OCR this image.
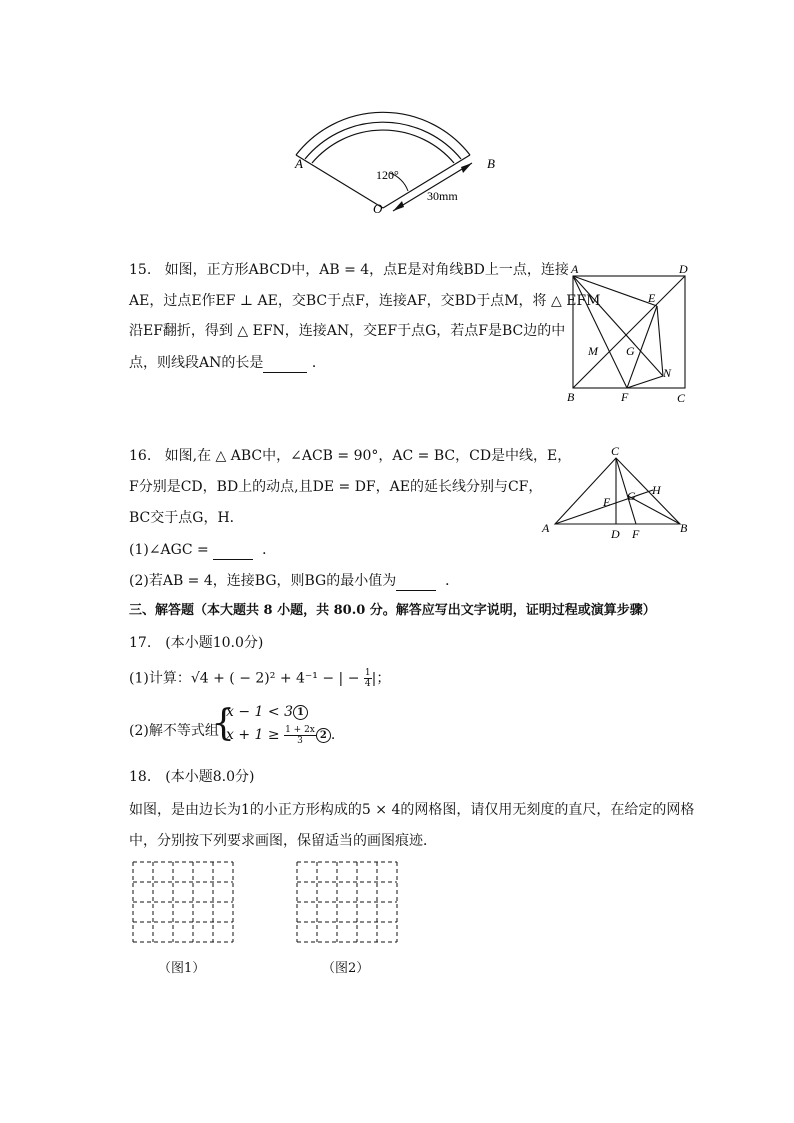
A	B
O
120°
30mm
15. 如图，正方形ABCD中，AB = 4，点E是对角线BD上一点，连接
AE，过点E作EF ⊥ AE，交BC于点F，连接AF，交BD于点M，将 △ EFM
沿EF翻折，得到 △ EFN，连接AN，交EF于点G，若点F是BC边的中
点，则线段AN的长是	．
A	D
E
M G
N
B	F	C
16. 如图,在 △ ABC中，∠ACB = 90°，AC = BC，CD是中线，E，
F分别是CD，BD上的动点,且DE = DF，AE的延长线分别与CF，
BC交于点G，H．
(1)∠AGC =	．
(2)若AB = 4，连接BG，则BG的最小值为	．
C
E G H
A	D F	B
三、解答题（本大题共 8 小题，共 80.0 分。解答应写出文字说明，证明过程或演算步骤）
17.　(本小题10.0分)
(1)计算：√4 + ( − 2)² + 4⁻¹ − | − $\frac{1}{4}$ |；
(2)解不等式组
{
x − 1 < 3 1
$x + 1 \ge \frac{1 + 2x}{3} 2$ .
18.　(本小题8.0分)
如图，是由边长为1的小正方形构成的5 × 4的网格图，请仅用无刻度的直尺，在给定的网格
中，分别按下列要求画图，保留适当的画图痕迹．
（图1）	（图2）
